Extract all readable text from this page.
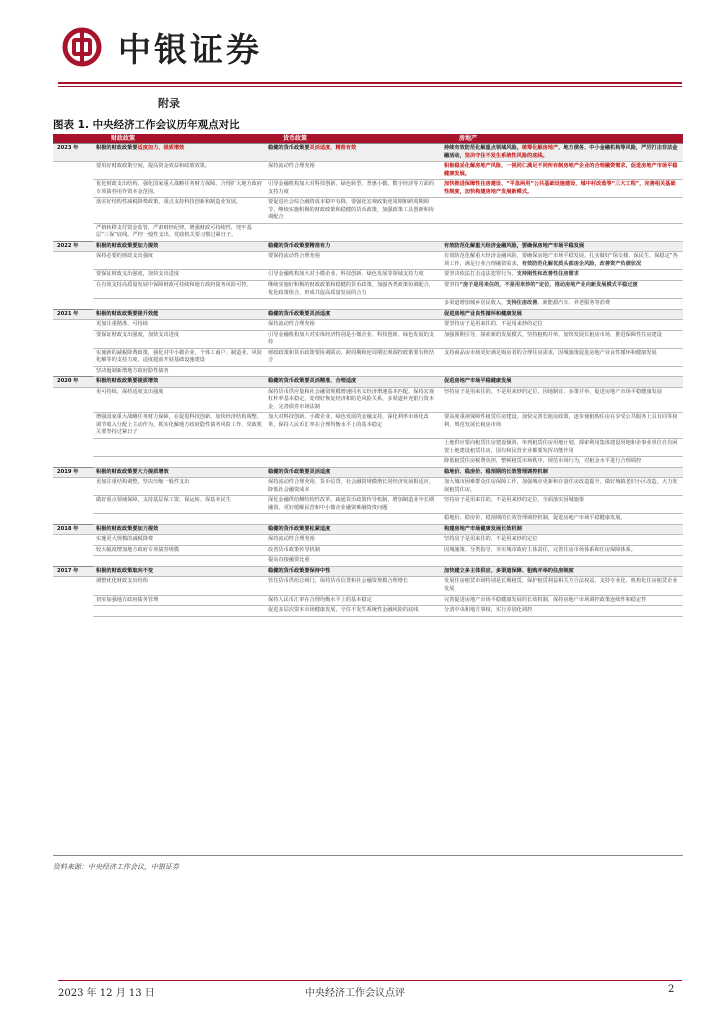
中银证券
附录
图表 1. 中央经济工作会议历年观点对比
	财政政策	货币政策	房地产
2023 年	积极的财政政策要适度加力、提质增效	稳健的货币政策要灵活适度、精准有效	持续有效防范化解重点领域风险。统筹化解房地产、地方债务、中小金融机构等风险，严厉打击非法金融活动，坚决守住不发生系统性风险的底线。
	要用好财政政策空间，提高资金效益和政策效果。	保持流动性合理充裕	积极稳妥化解房地产风险，一视同仁满足不同所有制房地产企业的合理融资需求，促进房地产市场平稳健康发展。
	优化财政支出结构，强化国家重大战略任务财力保障。合理扩大地方政府专项债券用作资本金范围。	引导金融机构加大对科技创新、绿色转型、普惠小微、数字经济等方面的支持力度	加快推进保障性住房建设、“平急两用”公共基础设施建设、城中村改造等“三大工程”，完善相关基础性制度，加快构建房地产发展新模式。
	落实好结构性减税降费政策，重点支持科技创新和制造业发展。	要促进社会综合融资成本稳中有降，要强化宏观政策逆周期和跨周期调节，继续实施积极的财政政策和稳健的货币政策，加强政策工具创新和协调配合	
	严格转移支付资金监管，严肃财经纪律。增强财政可持续性，兜牢基层“三保”底线。严控一般性支出。党政机关要习惯过紧日子。		
2022 年	积极的财政政策要加力提效	稳健的货币政策要精准有力	有效防范化解重大经济金融风险，要确保房地产市场平稳发展
	保持必要的财政支出强度	要保持流动性合理充裕	有效防范化解重大经济金融风险，要确保房地产市场平稳发展，扎实做好“保交楼、保民生、保稳定”各项工作，满足行业合理融资需求，有效防范化解优质头部房企风险，改善资产负债状况
	要保证财政支出强度，加快支出进度	引导金融机构加大对小微企业、科技创新、绿色发展等领域支持力度	要坚决依法打击违法犯罪行为，支持刚性和改善性住房需求
	在有效支持高质量发展中保障财政可持续和地方政府债务风险可控。	继续实施好积极的财政政策和稳健的货币政策，加强各类政策协调配合，优化政策组合，形成共促高质量发展的合力	要坚持“房子是用来住的，不是用来炒的”定位，推动房地产业向新发展模式平稳过渡
			多渠道增加城乡居民收入，支持住房改善、新能源汽车、养老服务等消费
2021 年	积极的财政政策要提升效能	稳健的货币政策要灵活适度	促进房地产业良性循环和健康发展
	更加注重精准、可持续	保持流动性合理充裕	要坚持房子是用来住的、不是用来炒的定位
	要保证财政支出强度，加快支出进度	引导金融机构加大对实体经济特别是小微企业、科技创新、绿色发展的支持	加强预期引导，探索新的发展模式，坚持租购并举，加快发展长租房市场，推进保障性住房建设
	实施新的减税降费政策，强化对中小微企业、个体工商户、制造业、风险化解等的支持力度，适度超前开展基础设施建设	财政政策和货币政策要协调联动，跨周期和逆周期宏观调控政策要有机结合	支持商品房市场更好满足购房者的合理住房需求，因城施策促进房地产业良性循环和健康发展
	坚决遏制新增地方政府隐性债务		
2020 年	积极的财政政策要提质增效	稳健的货币政策要灵活精准、合理适度	促进房地产市场平稳健康发展
	更可持续，保持适度支出强度	保持货币供应量和社会融资规模增速同名义经济增速基本匹配，保持宏观杠杆率基本稳定，处理好恢复经济和防范风险关系，多渠道补充银行资本金，完善债券市场法制	坚持房子是用来住的、不是用来炒的定位，因地制宜、多策并举，促进房地产市场平稳健康发展
	增强国家重大战略任务财力保障，在促进科技创新、加快经济结构调整、调节收入分配上主动作为，抓实化解地方政府隐性债务风险工作，党政机关要坚持过紧日子	加大对科技创新、小微企业、绿色发展的金融支持，深化利率市场化改革，保持人民币汇率在合理均衡水平上的基本稳定	要高度重视保障性租赁住房建设，加快完善长租房政策，逐步使租购住房在享受公共服务上具有同等权利，规范发展长租房市场
			土地供应要向租赁住房建设倾斜，单列租赁住房用地计划，探索利用集体建设用地和企事业单位自有闲置土地建设租赁住房，国有和民营企业都要发挥功能作用
			降低租赁住房税费负担，整顿租赁市场秩序，规范市场行为，对租金水平进行合理调控
2019 年	积极的财政政策要大力提质增效	稳健的货币政策要灵活适度	稳地价、稳房价、稳预期的长效管理调控机制
	更加注重结构调整，坚决压缩一般性支出	保持流动性合理充裕，货币信贷、社会融资规模增长同经济发展相适应，降低社会融资成本	加大城市困难群众住房保障工作，加强城市更新和存量住房改造提升，做好城镇老旧小区改造，大力发展租赁住房。
	做好重点领域保障，支持基层保工资、保运转、保基本民生	深化金融供给侧结构性改革，疏通货币政策传导机制，增加制造业中长期融资，更好缓解民营和中小微企业融资难融资贵问题	坚持房子是用来住的、不是用来炒的定位，全面落实因城施策
			稳地价、稳房价、稳预期的长效管理调控机制，促进房地产市场平稳健康发展。
2018 年	积极的财政政策要加力提效	稳健的货币政策要松紧适度	构建房地产市场健康发展长效机制
	实施更大规模的减税降费	保持流动性合理充裕	坚持房子是用来住的、不是用来炒的定位
	较大幅度增加地方政府专项债券规模	改善货币政策传导机制	因城施策、分类指导，夯实城市政府主体责任，完善住房市场体系和住房保障体系。
		提高直接融资比重	
2017 年	积极的财政政策取向不变	稳健的货币政策要保持中性	加快建立多主体供应、多渠道保障、租购并举的住房制度
	调整优化财政支出结构	管住货币供给总闸门，保持货币信贷和社会融资规模合理增长	发展住房租赁市场特别是长期租赁，保护租赁利益相关方合法权益，支持专业化、机构化住房租赁企业发展
	切实加强地方政府债务管理	保持人民币汇率在合理均衡水平上的基本稳定	完善促进房地产市场平稳健康发展的长效机制，保持房地产市场调控政策连续性和稳定性
		促进多层次资本市场健康发展，守住不发生系统性金融风险的底线	分清中央和地方事权，实行差别化调控
资料来源：中央经济工作会议，中银证券
2023 年 12 月 13 日	中央经济工作会议点评	2
